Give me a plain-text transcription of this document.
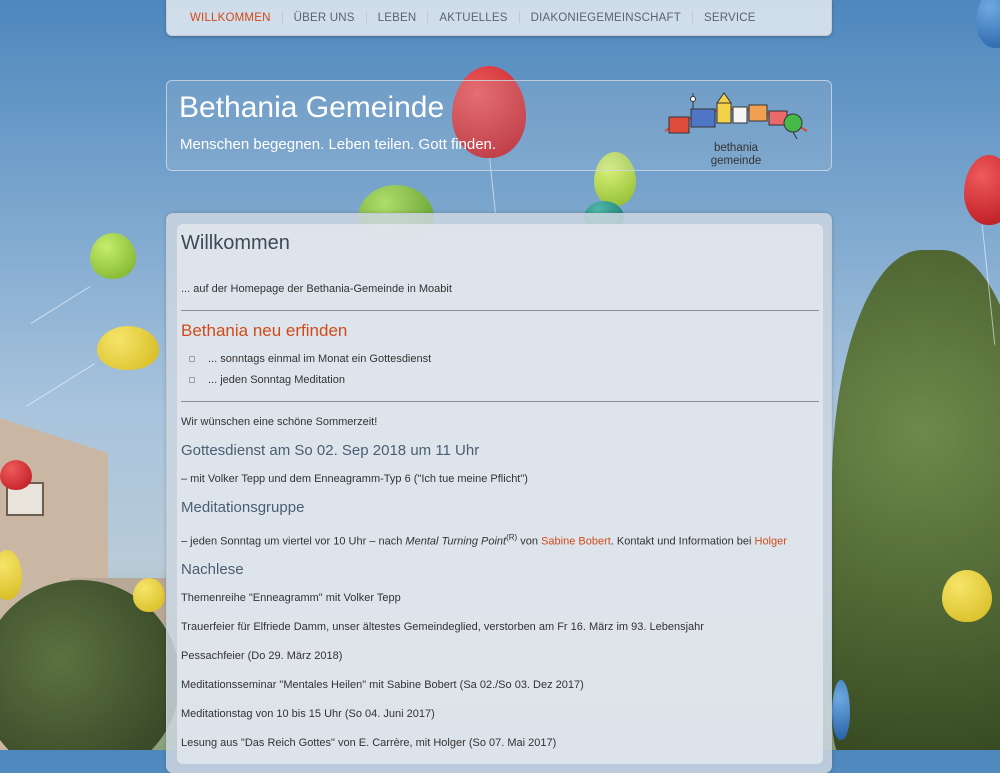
WILLKOMMEN	ÜBER UNS	LEBEN	AKTUELLES	DIAKONIEGEMEINSCHAFT	SERVICE
Bethania Gemeinde
Menschen begegnen. Leben teilen. Gott finden.	bethania
gemeinde
Willkommen
... auf der Homepage der Bethania-Gemeinde in Moabit
Bethania neu erfinden
... sonntags einmal im Monat ein Gottesdienst
... jeden Sonntag Meditation
Wir wünschen eine schöne Sommerzeit!
Gottesdienst am So 02. Sep 2018 um 11 Uhr
– mit Volker Tepp und dem Enneagramm-Typ 6 ("Ich tue meine Pflicht")
Meditationsgruppe
– jeden Sonntag um viertel vor 10 Uhr – nach Mental Turning Point$^{(R)}$ von Sabine Bobert. Kontakt und Information bei Holger
Nachlese
Themenreihe "Enneagramm" mit Volker Tepp
Trauerfeier für Elfriede Damm, unser ältestes Gemeindeglied, verstorben am Fr 16. März im 93. Lebensjahr
Pessachfeier (Do 29. März 2018)
Meditationsseminar "Mentales Heilen" mit Sabine Bobert (Sa 02./So 03. Dez 2017)
Meditationstag von 10 bis 15 Uhr (So 04. Juni 2017)
Lesung aus "Das Reich Gottes" von E. Carrère, mit Holger (So 07. Mai 2017)
